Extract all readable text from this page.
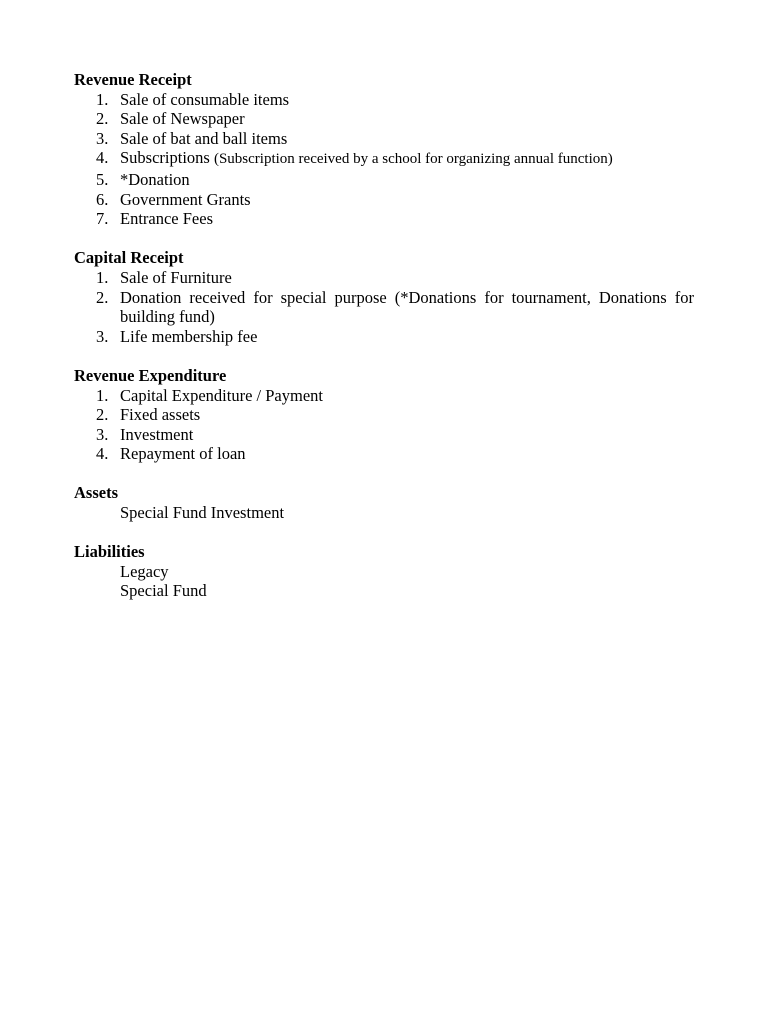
Revenue Receipt

1. Sale of consumable items
2. Sale of Newspaper
3. Sale of bat and ball items
4. Subscriptions (Subscription received by a school for organizing annual function)
5. *Donation
6. Government Grants
7. Entrance Fees

Capital Receipt

1. Sale of Furniture
2. Donation received for special purpose (*Donations for tournament, Donations for building fund)
3. Life membership fee

Revenue Expenditure

1. Capital Expenditure / Payment
2. Fixed assets
3. Investment
4. Repayment of loan

Assets

Special Fund Investment

Liabilities

Legacy
Special Fund
